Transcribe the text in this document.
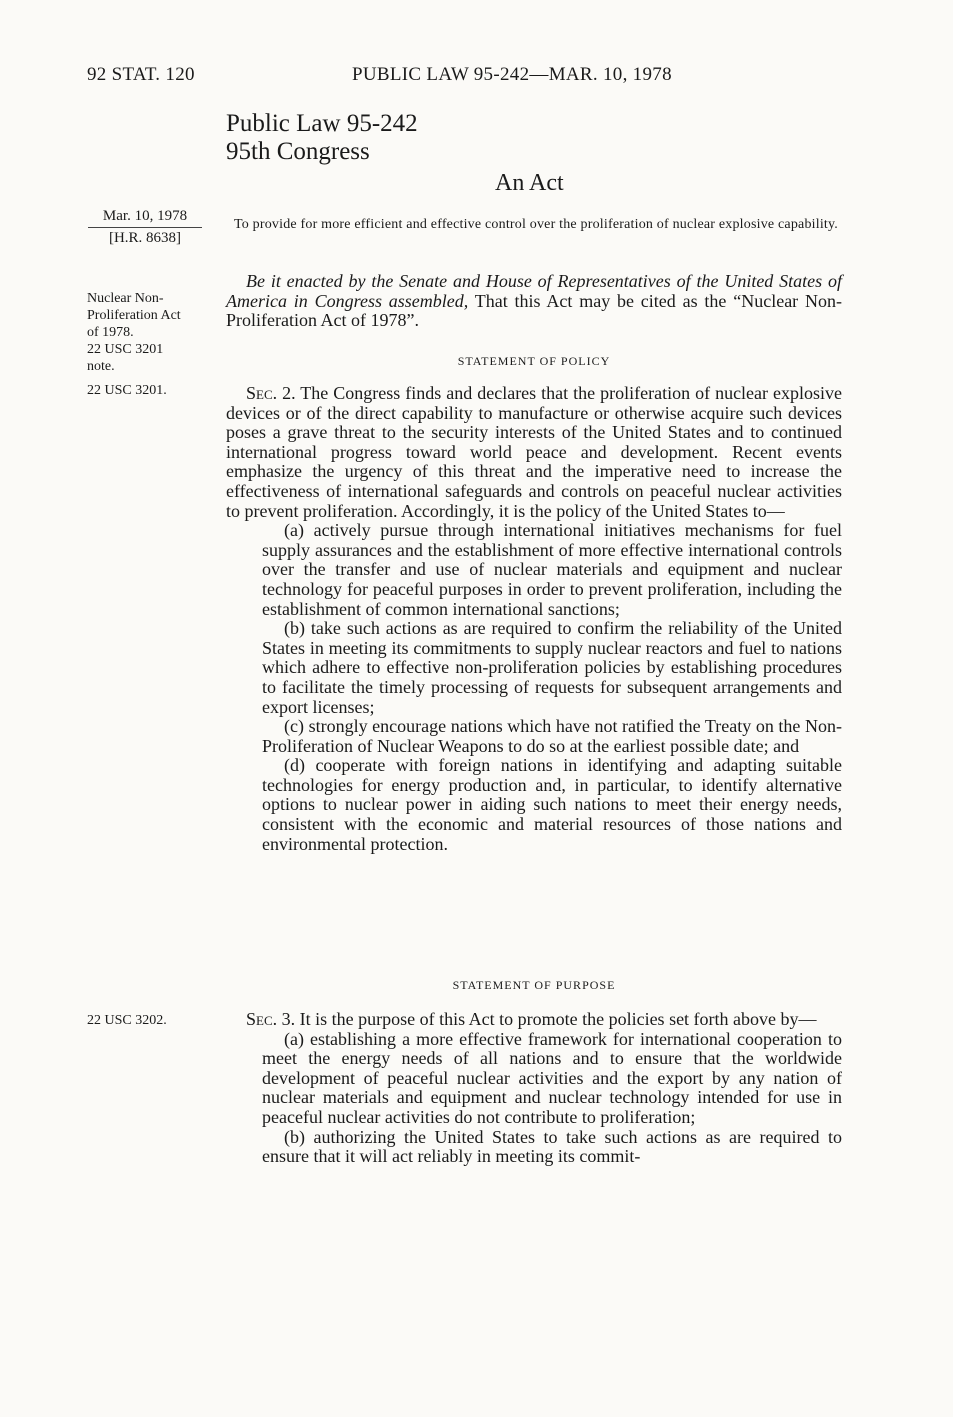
92 STAT. 120	PUBLIC LAW 95-242—MAR. 10, 1978
Public Law 95-242
95th Congress
An Act
Mar. 10, 1978
[H.R. 8638]
To provide for more efficient and effective control over the proliferation of nuclear explosive capability.
Nuclear Non-
Proliferation Act
of 1978.
22 USC 3201
note.
22 USC 3201.
22 USC 3202.
Be it enacted by the Senate and House of Representatives of the United States of America in Congress assembled, That this Act may be cited as the “Nuclear Non-Proliferation Act of 1978”.
STATEMENT OF POLICY

Sec. 2. The Congress finds and declares that the proliferation of nuclear explosive devices or of the direct capability to manufacture or otherwise acquire such devices poses a grave threat to the security interests of the United States and to continued international progress toward world peace and development. Recent events emphasize the urgency of this threat and the imperative need to increase the effectiveness of international safeguards and controls on peaceful nuclear activities to prevent proliferation. Accordingly, it is the policy of the United States to—

(a) actively pursue through international initiatives mechanisms for fuel supply assurances and the establishment of more effective international controls over the transfer and use of nuclear materials and equipment and nuclear technology for peaceful purposes in order to prevent proliferation, including the establishment of common international sanctions;

(b) take such actions as are required to confirm the reliability of the United States in meeting its commitments to supply nuclear reactors and fuel to nations which adhere to effective non-proliferation policies by establishing procedures to facilitate the timely processing of requests for subsequent arrangements and export licenses;

(c) strongly encourage nations which have not ratified the Treaty on the Non-Proliferation of Nuclear Weapons to do so at the earliest possible date; and

(d) cooperate with foreign nations in identifying and adapting suitable technologies for energy production and, in particular, to identify alternative options to nuclear power in aiding such nations to meet their energy needs, consistent with the economic and material resources of those nations and environmental protection.

STATEMENT OF PURPOSE

Sec. 3. It is the purpose of this Act to promote the policies set forth above by—

(a) establishing a more effective framework for international cooperation to meet the energy needs of all nations and to ensure that the worldwide development of peaceful nuclear activities and the export by any nation of nuclear materials and equipment and nuclear technology intended for use in peaceful nuclear activities do not contribute to proliferation;

(b) authorizing the United States to take such actions as are required to ensure that it will act reliably in meeting its commit-
